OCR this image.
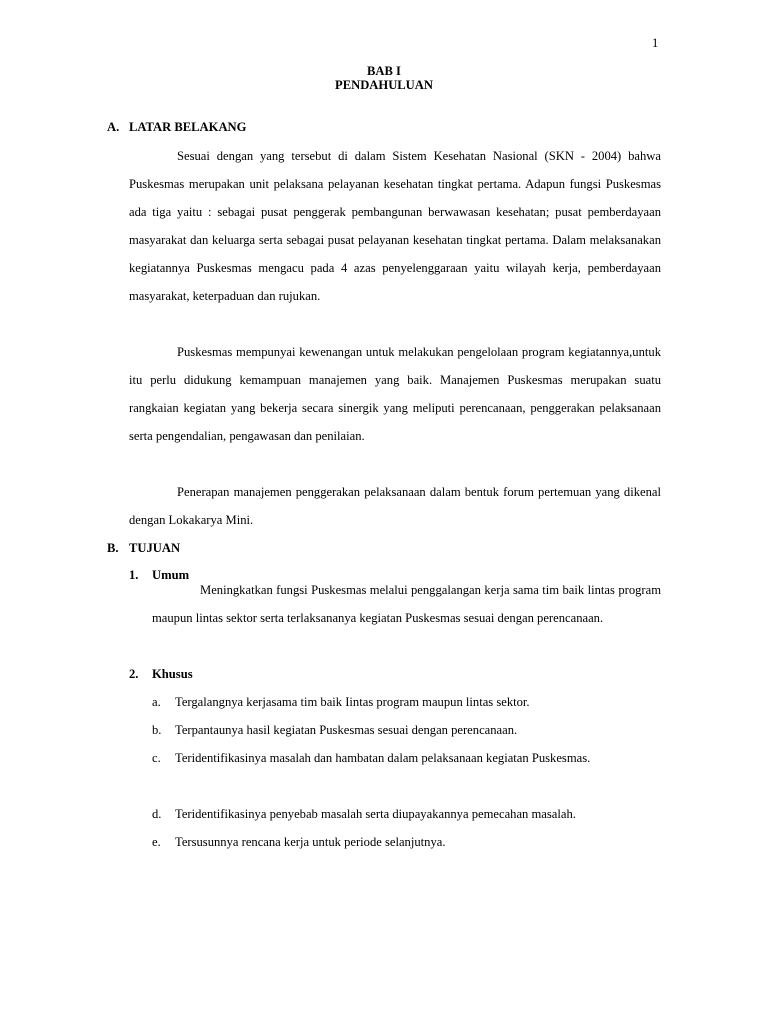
1
BAB I
PENDAHULUAN
A. LATAR BELAKANG
Sesuai dengan yang tersebut di dalam Sistem Kesehatan Nasional (SKN - 2004) bahwa Puskesmas merupakan unit pelaksana pelayanan kesehatan tingkat pertama. Adapun fungsi Puskesmas ada tiga yaitu : sebagai pusat penggerak pembangunan berwawasan kesehatan; pusat pemberdayaan masyarakat dan keluarga serta sebagai pusat pelayanan kesehatan tingkat pertama. Dalam melaksanakan kegiatannya Puskesmas mengacu pada 4 azas penyelenggaraan yaitu wilayah kerja, pemberdayaan masyarakat, keterpaduan dan rujukan.
Puskesmas mempunyai kewenangan untuk melakukan pengelolaan program kegiatannya,untuk itu perlu didukung kemampuan manajemen yang baik. Manajemen Puskesmas merupakan suatu rangkaian kegiatan yang bekerja secara sinergik yang meliputi perencanaan, penggerakan pelaksanaan serta pengendalian, pengawasan dan penilaian.
Penerapan manajemen penggerakan pelaksanaan dalam bentuk forum pertemuan yang dikenal dengan Lokakarya Mini.
B. TUJUAN
1. Umum
Meningkatkan fungsi Puskesmas melalui penggalangan kerja sama tim baik lintas program maupun lintas sektor serta terlaksananya kegiatan Puskesmas sesuai dengan perencanaan.
2. Khusus
a. Tergalangnya kerjasama tim baik Iintas program maupun lintas sektor.
b. Terpantaunya hasil kegiatan Puskesmas sesuai dengan perencanaan.
c. Teridentifikasinya masalah dan hambatan dalam pelaksanaan kegiatan Puskesmas.
d. Teridentifikasinya penyebab masalah serta diupayakannya pemecahan masalah.
e. Tersusunnya rencana kerja untuk periode selanjutnya.
